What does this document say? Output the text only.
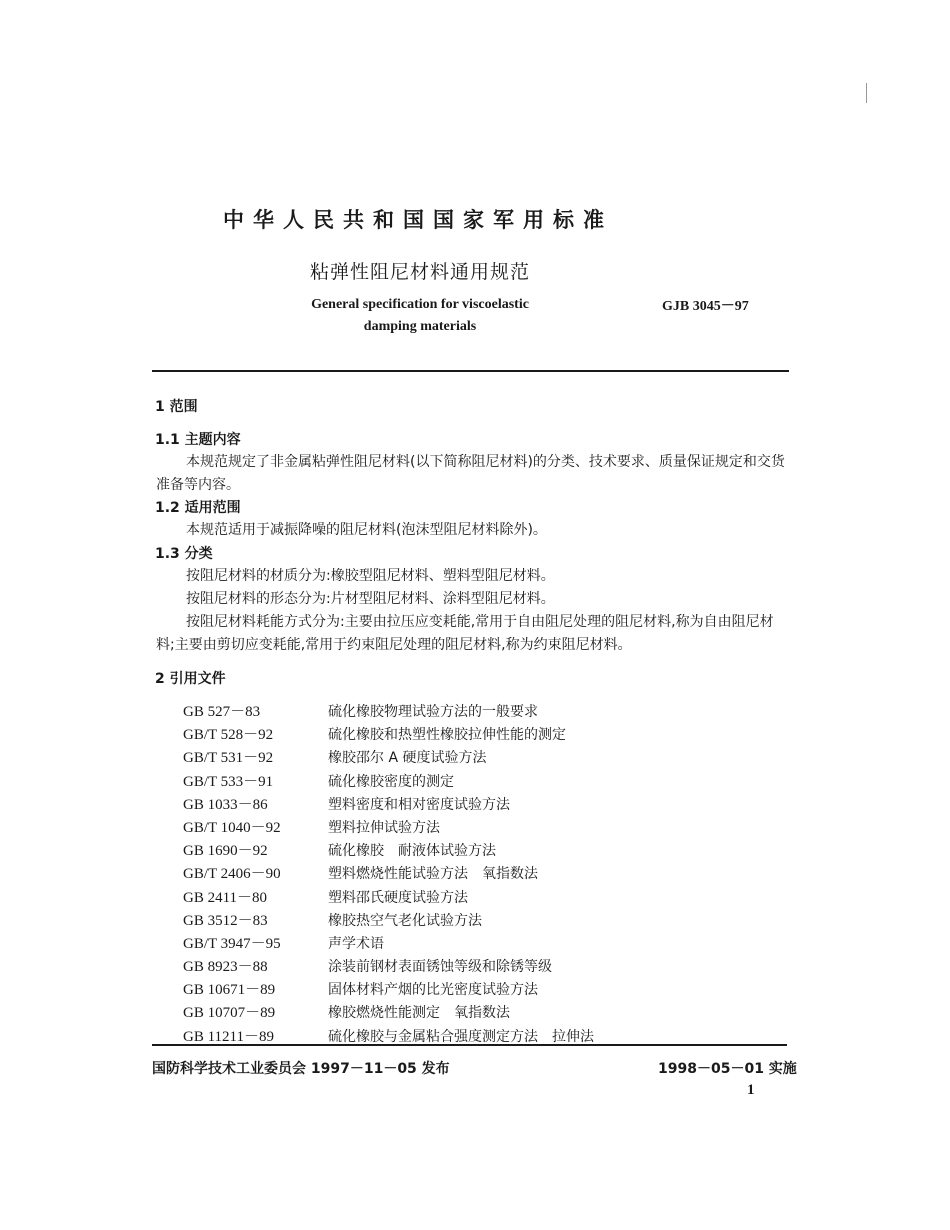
中华人民共和国国家军用标准
粘弹性阻尼材料通用规范
General specification for viscoelastic
damping materials
GJB 3045－97
1 范围
1.1 主题内容
本规范规定了非金属粘弹性阻尼材料(以下简称阻尼材料)的分类、技术要求、质量保证规定和交货准备等内容。
1.2 适用范围
本规范适用于减振降噪的阻尼材料(泡沫型阻尼材料除外)。
1.3 分类
按阻尼材料的材质分为:橡胶型阻尼材料、塑料型阻尼材料。
按阻尼材料的形态分为:片材型阻尼材料、涂料型阻尼材料。
按阻尼材料耗能方式分为:主要由拉压应变耗能,常用于自由阻尼处理的阻尼材料,称为自由阻尼材料;主要由剪切应变耗能,常用于约束阻尼处理的阻尼材料,称为约束阻尼材料。
2 引用文件
GB 527－83	硫化橡胶物理试验方法的一般要求
GB/T 528－92	硫化橡胶和热塑性橡胶拉伸性能的测定
GB/T 531－92	橡胶邵尔 A 硬度试验方法
GB/T 533－91	硫化橡胶密度的测定
GB 1033－86	塑料密度和相对密度试验方法
GB/T 1040－92	塑料拉伸试验方法
GB 1690－92	硫化橡胶　耐液体试验方法
GB/T 2406－90	塑料燃烧性能试验方法　氧指数法
GB 2411－80	塑料邵氏硬度试验方法
GB 3512－83	橡胶热空气老化试验方法
GB/T 3947－95	声学术语
GB 8923－88	涂装前钢材表面锈蚀等级和除锈等级
GB 10671－89	固体材料产烟的比光密度试验方法
GB 10707－89	橡胶燃烧性能测定　氧指数法
GB 11211－89	硫化橡胶与金属粘合强度测定方法　拉伸法
国防科学技术工业委员会 1997－11－05 发布	1998－05－01 实施
1
